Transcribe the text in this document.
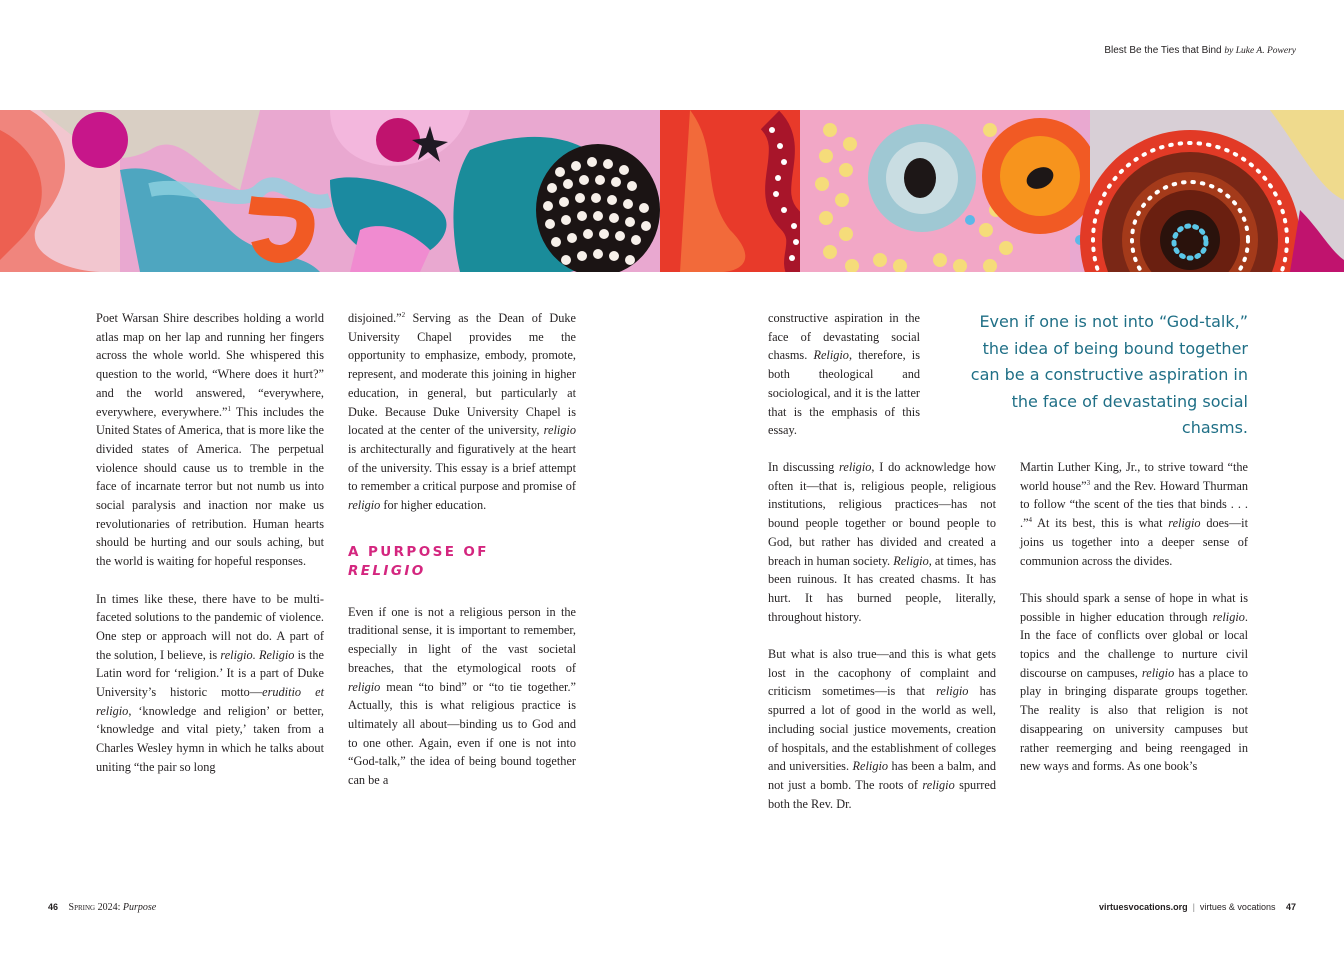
Blest Be the Ties that Bind by Luke A. Powery

Poet Warsan Shire describes holding a world atlas map on her lap and running her fingers across the whole world. She whispered this question to the world, “Where does it hurt?” and the world answered, “everywhere, everywhere, everywhere.”$^1$ This includes the United States of America, that is more like the divided states of America. The perpetual violence should cause us to tremble in the face of incarnate terror but not numb us into social paralysis and inaction nor make us revolutionaries of retribution. Human hearts should be hurting and our souls aching, but the world is waiting for hopeful responses.

In times like these, there have to be multi-faceted solutions to the pandemic of violence. One step or approach will not do. A part of the solution, I believe, is religio. Religio is the Latin word for ‘religion.’ It is a part of Duke University’s historic motto—eruditio et religio, ‘knowledge and religion’ or better, ‘knowledge and vital piety,’ taken from a Charles Wesley hymn in which he talks about uniting “the pair so long

disjoined.”$^2$ Serving as the Dean of Duke University Chapel provides me the opportunity to emphasize, embody, promote, represent, and moderate this joining in higher education, in general, but particularly at Duke. Because Duke University Chapel is located at the center of the university, religio is architecturally and figuratively at the heart of the university. This essay is a brief attempt to remember a critical purpose and promise of religio for higher education.

A PURPOSE OF
RELIGIO

Even if one is not a religious person in the traditional sense, it is important to remember, especially in light of the vast societal breaches, that the etymological roots of religio mean “to bind” or “to tie together.” Actually, this is what religious practice is ultimately all about—binding us to God and to one other. Again, even if one is not into “God-talk,” the idea of being bound together can be a

constructive aspiration in the face of devastating social chasms. Religio, therefore, is both theological and sociological, and it is the latter that is the emphasis of this essay.

Even if one is not into “God-talk,” the idea of being bound together can be a constructive aspiration in the face of devastating social chasms.

In discussing religio, I do acknowledge how often it—that is, religious people, religious institutions, religious practices—has not bound people together or bound people to God, but rather has divided and created a breach in human society. Religio, at times, has been ruinous. It has created chasms. It has hurt. It has burned people, literally, throughout history.

But what is also true—and this is what gets lost in the cacophony of complaint and criticism sometimes—is that religio has spurred a lot of good in the world as well, including social justice movements, creation of hospitals, and the establishment of colleges and universities. Religio has been a balm, and not just a bomb. The roots of religio spurred both the Rev. Dr.

Martin Luther King, Jr., to strive toward “the world house”$^3$ and the Rev. Howard Thurman to follow “the scent of the ties that binds . . . .”$^4$ At its best, this is what religio does—it joins us together into a deeper sense of communion across the divides.

This should spark a sense of hope in what is possible in higher education through religio. In the face of conflicts over global or local topics and the challenge to nurture civil discourse on campuses, religio has a place to play in bringing disparate groups together. The reality is also that religion is not disappearing on university campuses but rather reemerging and being reengaged in new ways and forms. As one book’s

46 Spring 2024: Purpose	virtuesvocations.org | virtues & vocations 47
